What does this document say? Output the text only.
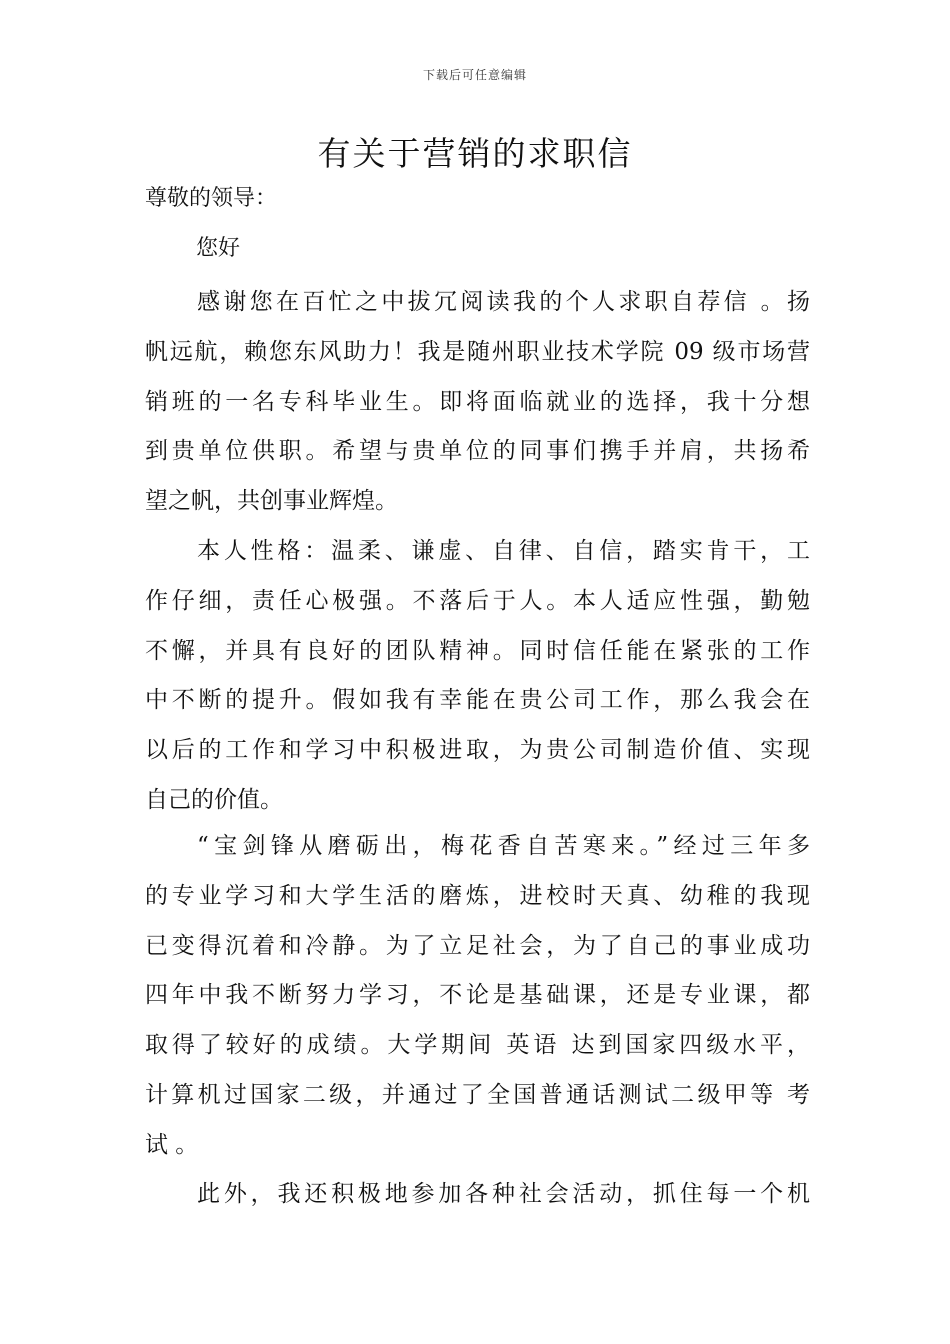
下载后可任意编辑
有关于营销的求职信
尊敬的领导：
您好
感谢您在百忙之中拔冗阅读我的个人求职自荐信 。扬
帆远航，赖您东风助力！我是随州职业技术学院 09 级市场营
销班的一名专科毕业生。即将面临就业的选择，我十分想
到贵单位供职。希望与贵单位的同事们携手并肩，共扬希
望之帆，共创事业辉煌。
本人性格：温柔、谦虚、自律、自信，踏实肯干，工
作仔细，责任心极强。不落后于人。本人适应性强，勤勉
不懈，并具有良好的团队精神。同时信任能在紧张的工作
中不断的提升。假如我有幸能在贵公司工作，那么我会在
以后的工作和学习中积极进取，为贵公司制造价值、实现
自己的价值。
“宝剑锋从磨砺出，梅花香自苦寒来。”经过三年多
的专业学习和大学生活的磨炼，进校时天真、幼稚的我现
已变得沉着和冷静。为了立足社会，为了自己的事业成功
四年中我不断努力学习，不论是基础课，还是专业课，都
取得了较好的成绩。大学期间 英语 达到国家四级水平，
计算机过国家二级，并通过了全国普通话测试二级甲等 考
试 。
此外，我还积极地参加各种社会活动，抓住每一个机
